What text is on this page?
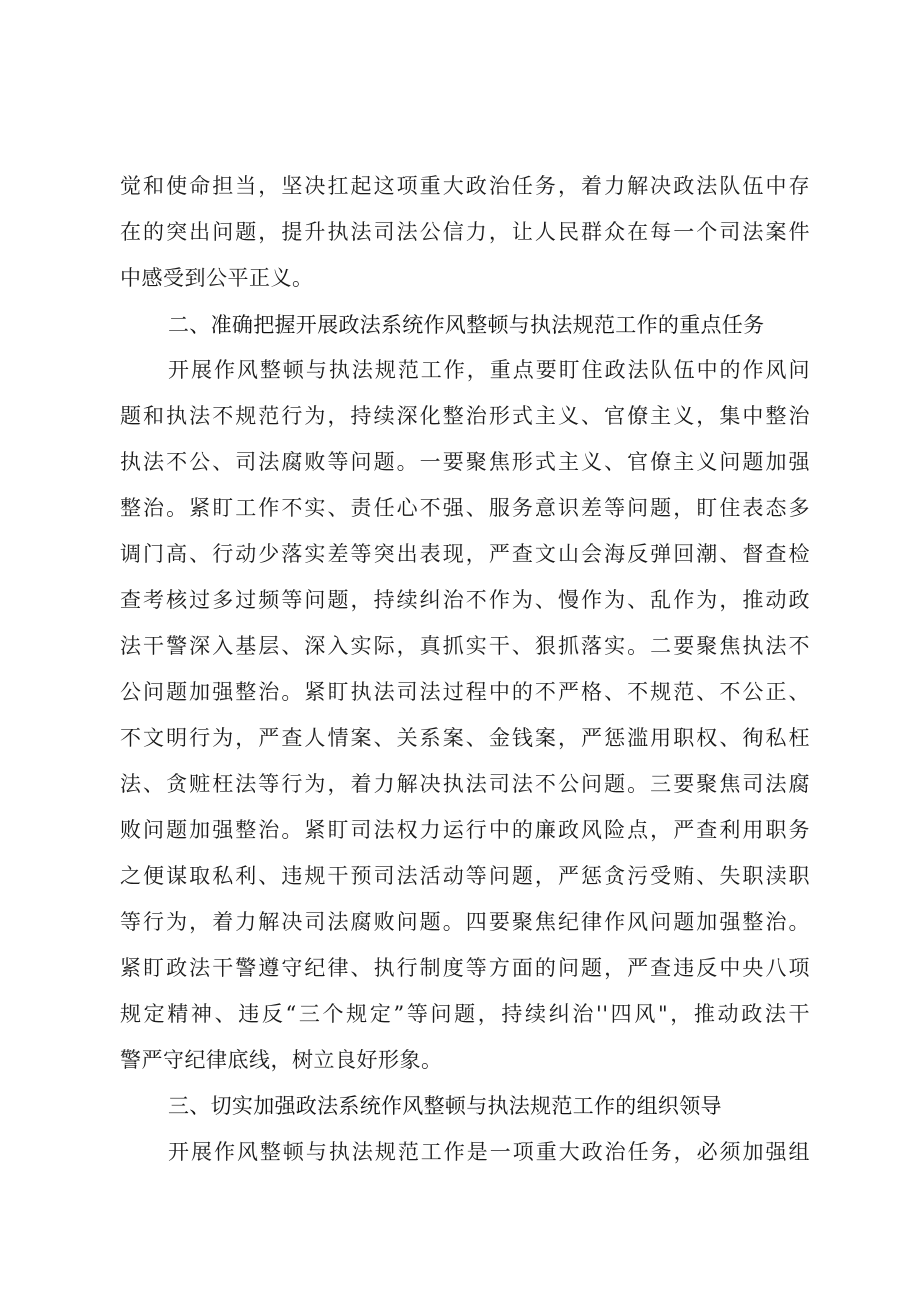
觉和使命担当，坚决扛起这项重大政治任务，着力解决政法队伍中存
在的突出问题，提升执法司法公信力，让人民群众在每一个司法案件
中感受到公平正义。
二、准确把握开展政法系统作风整顿与执法规范工作的重点任务
开展作风整顿与执法规范工作，重点要盯住政法队伍中的作风问
题和执法不规范行为，持续深化整治形式主义、官僚主义，集中整治
执法不公、司法腐败等问题。一要聚焦形式主义、官僚主义问题加强
整治。紧盯工作不实、责任心不强、服务意识差等问题，盯住表态多
调门高、行动少落实差等突出表现，严查文山会海反弹回潮、督查检
查考核过多过频等问题，持续纠治不作为、慢作为、乱作为，推动政
法干警深入基层、深入实际，真抓实干、狠抓落实。二要聚焦执法不
公问题加强整治。紧盯执法司法过程中的不严格、不规范、不公正、
不文明行为，严查人情案、关系案、金钱案，严惩滥用职权、徇私枉
法、贪赃枉法等行为，着力解决执法司法不公问题。三要聚焦司法腐
败问题加强整治。紧盯司法权力运行中的廉政风险点，严查利用职务
之便谋取私利、违规干预司法活动等问题，严惩贪污受贿、失职渎职
等行为，着力解决司法腐败问题。四要聚焦纪律作风问题加强整治。
紧盯政法干警遵守纪律、执行制度等方面的问题，严查违反中央八项
规定精神、违反“三个规定”等问题，持续纠治''四风"，推动政法干
警严守纪律底线，树立良好形象。
三、切实加强政法系统作风整顿与执法规范工作的组织领导
开展作风整顿与执法规范工作是一项重大政治任务，必须加强组
